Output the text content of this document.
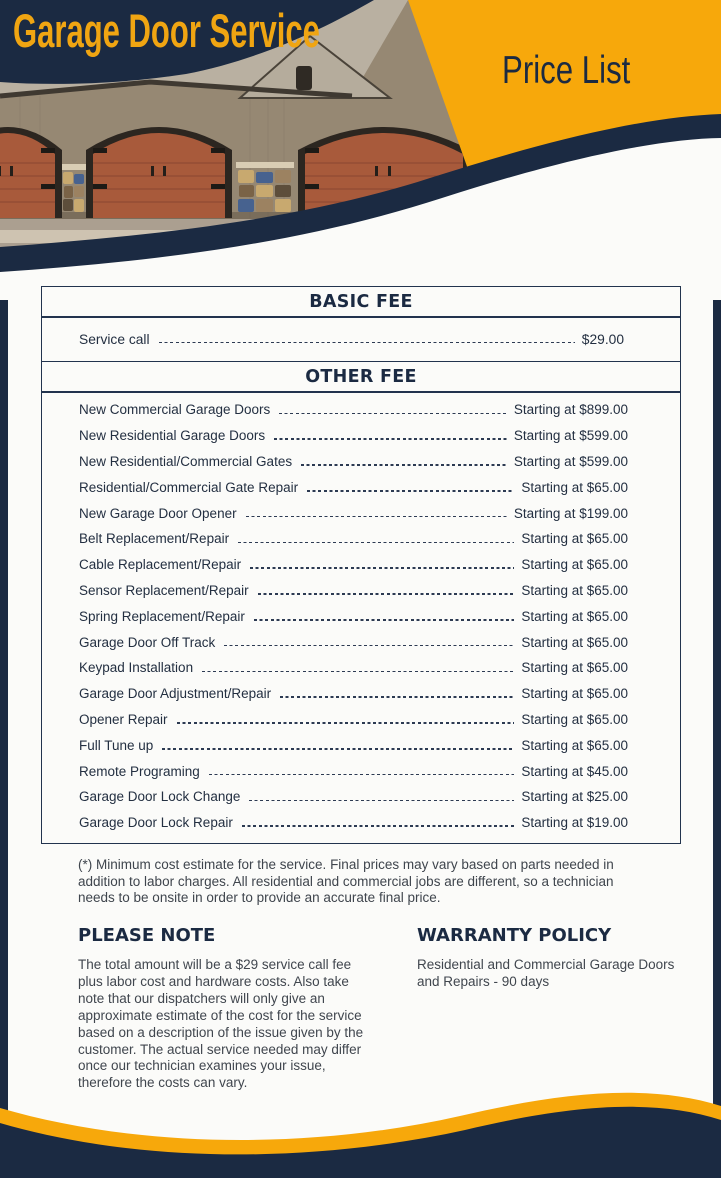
Garage Door Service
Price List
BASIC FEE
Service call	$29.00
OTHER FEE
New Commercial Garage Doors	Starting at $899.00
New Residential Garage Doors	Starting at $599.00
New Residential/Commercial Gates	Starting at $599.00
Residential/Commercial Gate Repair	Starting at $65.00
New Garage Door Opener	Starting at $199.00
Belt Replacement/Repair	Starting at $65.00
Cable Replacement/Repair	Starting at $65.00
Sensor Replacement/Repair	Starting at $65.00
Spring Replacement/Repair	Starting at $65.00
Garage Door Off Track	Starting at $65.00
Keypad Installation	Starting at $65.00
Garage Door Adjustment/Repair	Starting at $65.00
Opener Repair	Starting at $65.00
Full Tune up	Starting at $65.00
Remote Programing	Starting at $45.00
Garage Door Lock Change	Starting at $25.00
Garage Door Lock Repair	Starting at $19.00
(*) Minimum cost estimate for the service. Final prices may vary based on parts needed in addition to labor charges. All residential and commercial jobs are different, so a technician needs to be onsite in order to provide an accurate final price.
PLEASE NOTE	WARRANTY POLICY
The total amount will be a $29 service call fee plus labor cost and hardware costs. Also take note that our dispatchers will only give an approximate estimate of the cost for the service based on a description of the issue given by the customer. The actual service needed may differ once our technician examines your issue, therefore the costs can vary.
Residential and Commercial Garage Doors and Repairs - 90 days
